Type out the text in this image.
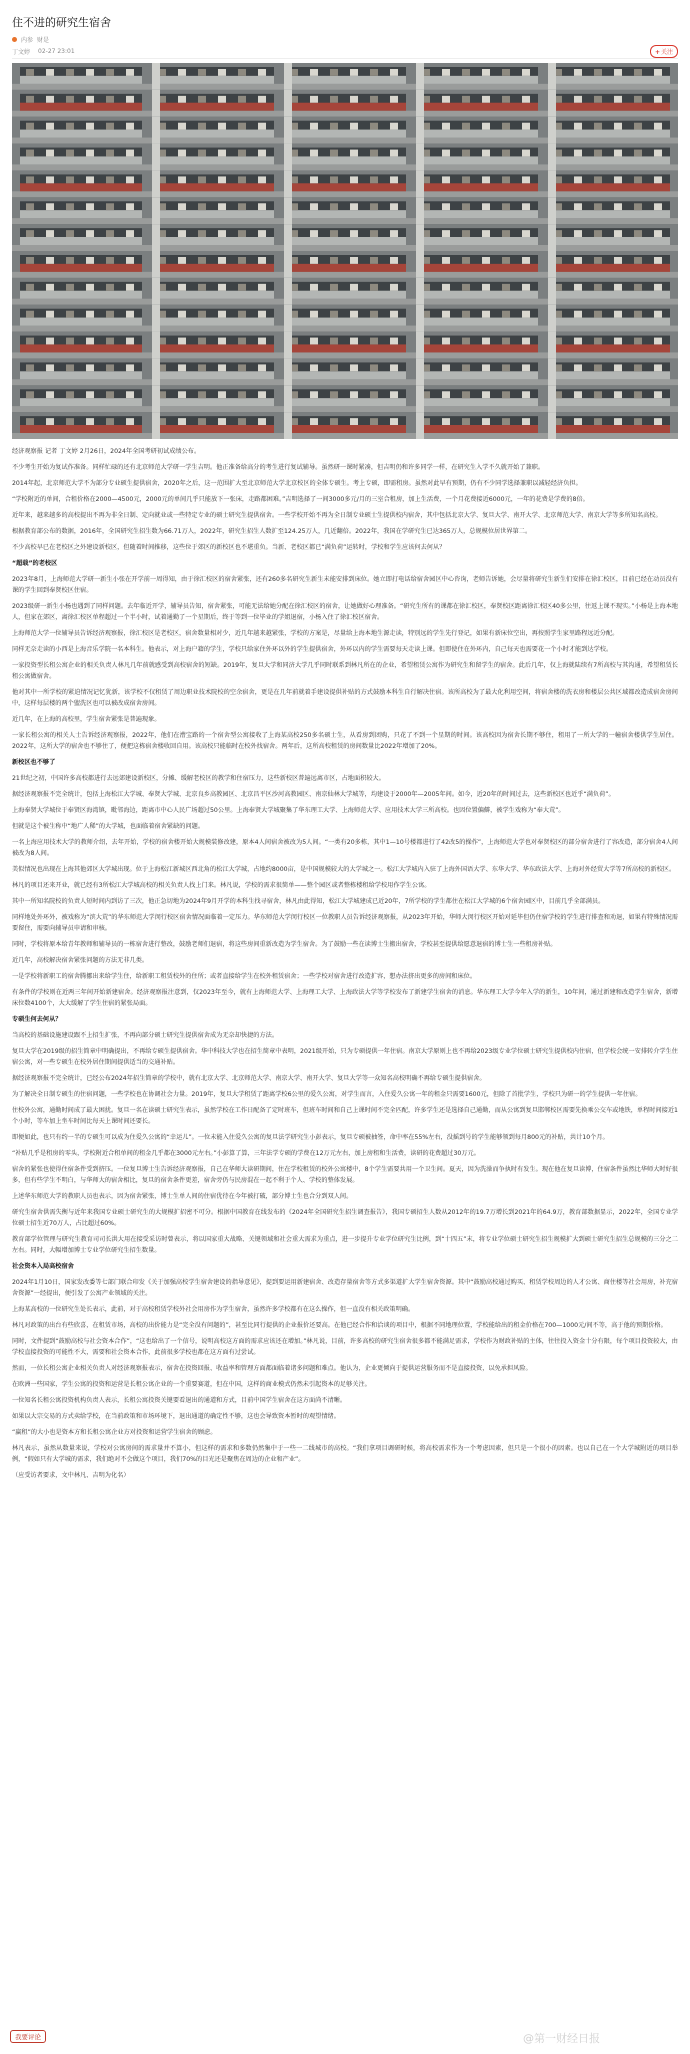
住不进的研究生宿舍
内参 财是
丁文婷 02-27 23:01	+关注

经济观察报 记者 丁文婷 2月26日，2024年全国考研初试成绩公布。

不少考生开始为复试作准备。同样忙碌的还有北京师范大学研一学生吉明。他正准备给高分的考生进行复试辅导。虽然研一课时紧凑，但吉明仍和许多同学一样，在研究生入学不久就开始了兼职。

2014年起，北京师范大学不为部分专业硕生提供宿舍，2020年之后，这一范围扩大至北京师范大学北京校区的全体专硕生。考上专硕，即需租房。虽然对此早有预期，仍有不少同学选择兼职以减轻经济负担。

“学校附近的单间，合租价格在2000—4500元，2000元的单间几乎只能放下一张床，走路都困难。”吉明选择了一间3000多元/月的三室合租房，加上生活费，一个月花费接近6000元，一年的花费是学费的8倍。

近年来，越来越多的高校提出不再为非全日制、定向就业或一些特定专业的硕士研究生提供宿舍。一些学校开始不再为全日制专业硕士生提供校内宿舍，其中包括北京大学、复旦大学、南开大学、北京师范大学、南京大学等多所知名高校。

根据教育部公布的数据，2016年，全国研究生招生数为66.71万人，2022年，研究生招生人数扩至124.25万人，几近翻倍。2022年，我国在学研究生已达365万人，总规模位居世界第二。

不少高校早已在老校区之外建设新校区，但随着时间推移，这些位于郊区的新校区也不堪重负。当新、老校区都已“满负荷”运转时，学校和学生应该何去何从？

“超载”的老校区

2023年8月，上海师范大学研一新生小张在开学前一周得知，由于徐汇校区的宿舍紧张，还有260多名研究生新生未能安排到床位。她立即打电话给宿舍园区中心咨询，老师告诉她，会尽量将研究生新生们安排在徐汇校区，目前已经在动员没有课的学生回到奉贤校区住宿。

2023级研一新生小杨也遇到了同样问题。去年临近开学，辅导员告知，宿舍紧张，可能无法给她分配在徐汇校区的宿舍，让她做好心理准备。“研究生所有的课都在徐汇校区，奉贤校区距离徐汇校区40多公里，往返上课不现实。”小杨是上海本地人，但家在郊区，离徐汇校区单程超过一个半小时，试着通勤了一个星期后，终于等到一位毕业的学姐退宿，小杨入住了徐汇校区宿舍。

上海师范大学一位辅导员告诉经济观察报，徐汇校区是老校区，宿舍数量相对少，近几年越来越紧张，学校的方案是，尽量给上海本地生源走读，特别远的学生先行登记，如果有新床位空出，再按照学生家里路程远近分配。

同样无奈走读的小西是上海音乐学院一名本科生。他表示，对上海户籍的学生，学校只给家住外环以外的学生提供宿舍，外环以内的学生需要每天走读上课。但即使住在外环内，自己每天也需要花一个小时才能到达学校。

一家投资型长租公寓企业的相关负责人林凡几年前就感受到高校宿舍的短缺。2019年，复旦大学和同济大学几乎同时联系到林凡所在的企业，希望租赁公寓作为研究生和留学生的宿舍。此后几年，仅上海就陆续有7所高校与其沟通，希望租赁长租公寓做宿舍。

他对其中一所学校的紧迫情况记忆犹新，该学校不仅租赁了周边职业技术院校的空余宿舍，更是在几年前就着手建设提供补贴的方式鼓励本科生自行解决住宿。该所高校为了最大化利用空间，将宿舍楼的洗衣房和楼层公共区域都改造成宿舍房间中，这样每层楼的两个盥洗区也可以被改成宿舍房间。

近几年，在上海的高校里，学生宿舍紧张是普遍现象。

一家长租公寓的相关人士告诉经济观察报，2022年，他们在漕宝路的一个宿舍型公寓接收了上海某高校250多名硕士生，从看房到团购，只花了不到一个星期的时间。该高校因为宿舍长期不够住，租用了一所大学的一幢宿舍楼供学生居住。2022年，这所大学的宿舍也不够住了，便把这栋宿舍楼收回自用。该高校只能临时在校外找宿舍。两年后，这所高校租赁的房间数量比2022年增加了20%。

新校区也不够了

21世纪之初，中国许多高校都进行去远郊建设新校区，分摊、缓解老校区的教学和住宿压力，这些新校区普遍远离市区，占地面积较大。

据经济观察报不完全统计，包括上海松江大学城、奉贤大学城、北京良乡高教园区、北京昌平区沙河高教园区、南京仙林大学城等，均建设于2000年—2005年间。如今，近20年的时间过去，这些新校区也近乎“满负荷”。

上海奉贤大学城位于奉贤区海湾镇，毗邻海边，距离市中心人民广场超过50公里。上海奉贤大学城聚集了华东理工大学、上海师范大学、应用技术大学三所高校。也因位置偏僻，被学生戏称为“奉大荒”。

但就是这个被生称中“地广人稀”的大学城，也面临着宿舍紧缺的问题。

一名上海应用技术大学的教师介绍，去年开始，学校的宿舍楼开始大规模装修改建，原本4人间宿舍被改为5人间。“一类有20多栋，其中1—10号楼都进行了42改5的操作”，上海师范大学也对奉贤校区的部分宿舍进行了容改造，部分宿舍4人间被改为8人间。

美似情况也出现在上海其他郊区大学城出现。位于上海松江新城区西北角的松江大学城，占地约8000亩，是中国规模较大的大学城之一。松江大学城内入驻了上海外国语大学、东华大学、华东政法大学、上海对外经贸大学等7所高校的新校区。

林凡的项目还来开业，就已经有3所松江大学城高校的相关负责人找上门来。林凡说，学校的需求很简单——整个园区或者整栋楼租给学校用作学生公寓。

其中一所知名院校的负责人短时间内到访了三次，他正急切地为2024年9月开学的本科生找寻宿舍，林凡由此得知，松江大学城建成已近20年，7所学校的学生都住在松江大学城的6个宿舍园区中，目前几乎全部满员。

同样地处外环外，被戏称为“滨大荒”的华东师范大学闵行校区宿舍情况面临着一定压力。华东师范大学闵行校区一位教职人员告诉经济观察报，从2023年开始，华师大闵行校区开始对延毕但仍住宿学校的学生进行排查和劝退，如果有特殊情况需要留住，需要向辅导员申请和审核。

同时，学校将原本给青年教师和辅导员的一栋宿舍进行整改，鼓励老师们退宿，将这些房间重新改造为学生宿舍。为了鼓励一些在读博士生搬出宿舍，学校甚至提供给愿意退宿的博士生一些租房补贴。

近几年，高校解决宿舍紧张问题的方法无非几类。

一是学校将新职工的宿舍腾挪出来给学生住，给新职工租赁校外的住所；或者直接给学生在校外租赁宿舍；一些学校对宿舍进行改造扩容，想办法挤出更多的房间和床位。

有条件的学校则在近两三年间开始新建宿舍。经济观察报注意到，仅2023年至今，就有上海师范大学、上海理工大学、上海政法大学等学校发布了新建学生宿舍的消息。华东理工大学今年入学的新生，10年间，通过新建和改造学生宿舍，新增床位数4100个，大大缓解了学生住宿的紧张局面。

专硕生何去何从？

当高校的基础设施建设跟不上招生扩张，不再向部分硕士研究生提供宿舍成为无奈却快捷的方法。

复旦大学在2019级的招生简章中明确提出，不再给专硕生提供宿舍。华中科技大学也在招生简章中表明，2021级开始，只为专硕提供一年住宿。南京大学原则上也不再给2023级专业学位硕士研究生提供校内住宿，但学校会统一安排转介学生住宿公寓，对一些专硕生在校外居住期间提供适当的交通补贴。

据经济观察报不完全统计，已经公布2024年招生简章的学校中，就有北京大学、北京师范大学、南京大学、南开大学、复旦大学等一众知名高校明确不再给专硕生提供宿舍。

为了解决全日制专硕生的住宿问题，一些学校也在协调社会力量。2019年，复旦大学租赁了距离学校6公里的爱久公寓，对学生而言，入住爱久公寓一年的租金只需要1600元，但除了首批学生，学校只为研一的学生提供一年住宿。

住校外公寓，通勤时间成了最大困扰。复旦一名在读硕士研究生表示，虽然学校在工作日配备了定时班车，但班车时间和自己上课时间不完全匹配，许多学生还是选择自己通勤，而从公寓到复旦邯郸校区需要先换乘公交车或地铁，单程时间接近1个小时，等车加上坐车时间比每天上课时间还要长。

即便如此，也只有约一半的专硕生可以成为住爱久公寓的“幸运儿”。一位未能入住爱久公寓的复旦法学研究生小彭表示，复旦专硕被抽签，命中率在55%左右，没摇到号的学生能够领到每月800元的补贴，共计10个月。

“补贴几乎是租房的零头，学校附近合租单间的租金几乎都在3000元左右。”小彭算了算，三年法学专硕的学费在12万元左右，加上房租和生活费，读研的花费超过30万元。

宿舍的紧张也使得住宿条件受到挤压。一位复旦博士生告诉经济观察报，自己在华师大读研期间，住在学校租赁的校外公寓楼中，8个学生需要共用一个卫生间。夏天，因为洗澡而争执时有发生。现在他在复旦读博，住宿条件虽然比华师大时好很多，但有些学生不明白，与华师大的宿舍相比，复旦的宿舍条件更差，宿舍旁仍与民房混在一起不利于个人、学校的整体发展。

上述华东师范大学的教职人员也表示，因为宿舍紧张，博士生单人间的住宿优待在今年被打破，部分博士生也合分到双人间。

研究生宿舍供需失衡与近年来我国专业硕士研究生的大规模扩招密不可分。根据中国教育在线发布的《2024年全国研究生招生调查报告》，我国专硕招生人数从2012年的19.7万增长到2021年的64.9万，教育部数据显示，2022年，全国专业学位硕士招生近70万人，占比超过60%。

教育部学位管理与研究生教育司司长洪大用在接受采访时曾表示，将以国家重大战略、关键领域和社会重大需求为重点，进一步提升专业学位研究生比例，到“十四五”末，将专业学位硕士研究生招生规模扩大到硕士研究生招生总规模的三分之二左右。同时，大幅增加博士专业学位研究生招生数量。

社会资本入局高校宿舍

2024年1月10日，国家发改委等七部门联合印发《关于加强高校学生宿舍建设的指导意见》，提到要运用新建宿舍、改造存量宿舍等方式多渠道扩大学生宿舍资源。其中“鼓励高校通过购买、租赁学校周边的人才公寓、商住楼等社会用房，补充宿舍资源”一经提出，便引发了公寓产业领域的关注。

上海某高校的一位研究生处长表示，此前，对于高校租赁学校外社会用房作为学生宿舍，虽然许多学校都有在这么操作，但一直没有相关政策明确。

林凡对政策的出台有些欣喜，在租赁市场，高校的出价能力是“完全没有问题的”，甚至比同行提供的企业报价还要高。在他已经合作和洽谈的项目中，根据不同地理位置，学校能给出的租金价格在700—1000元/间不等，高于他的预期价格。

同时，文件提到“鼓励高校与社会资本合作”，“这也给出了一个信号，说明高校这方面的需求应该还在增加。”林凡说，目前，许多高校的研究生宿舍很多都不能满足需求，学校作为财政补贴的主体，往往投入资金十分有限，每个项目投资较大，由学校直接投资的可能性不大，需要和社会资本合作，此前很多学校也都在这方面有过尝试。

然而，一位长租公寓企业相关负责人对经济观察报表示，宿舍在投资回报、收益率和管理方面都面临着诸多问题和难点。他认为，企业更倾向于提供运营服务而不是直接投资，以免承担风险。

在欧洲一些国家，学生公寓的投资和运营是长租公寓企业的一个重要赛道，但在中国，这样的商业模式仍然未引起资本的足够关注。

一位知名长租公寓投资机构负责人表示，长租公寓投资关键要看退出的通道和方式，目前中国学生宿舍在这方面尚不清晰。

如果以大宗交易的方式卖给学校，在当前政策和市场环境下，退出通道的确定性不够，这也会导致资本暂时的观望情绪。

“赢租”的大小也是资本方和长租公寓企业方对投资和运营学生宿舍的顾虑。

林凡表示，虽然从数量来说，学校对公寓房间的需求量并不算小，但这样的需求和多数仍然集中于一些一二线城市的高校。“我们拿项目调研时候，将高校需求作为一个考虑因素，但只是一个很小的因素。也以自己在一个大学城附近的项目举例，“假如只有大学城的需求，我们绝对不会做这个项目，我们70%的目光还是聚焦在周边的企业和产业”。

（应受访者要求，文中林凡、吉明为化名）

我要评论	@第一财经日报
